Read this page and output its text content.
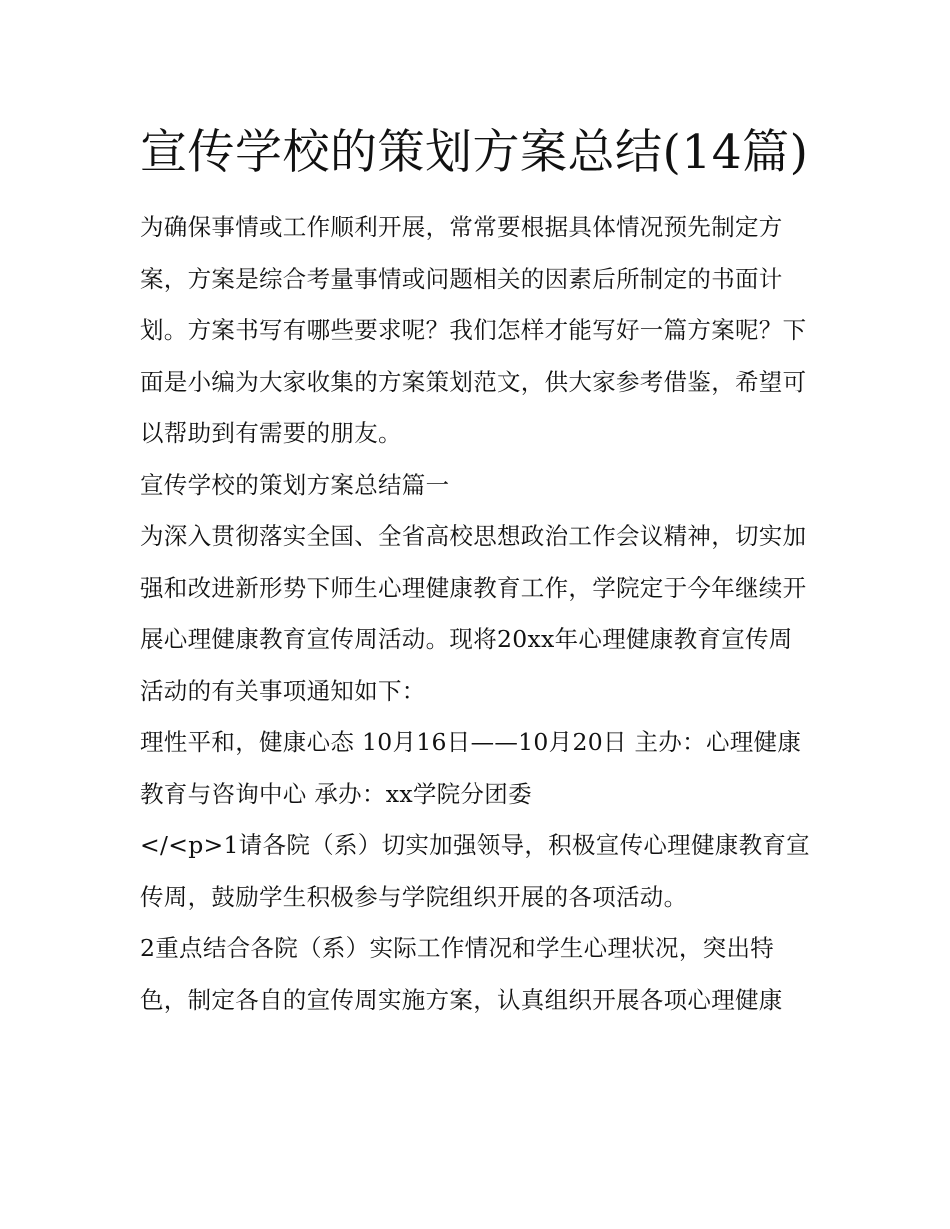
宣传学校的策划方案总结(14篇)

为确保事情或工作顺利开展，常常要根据具体情况预先制定方案，方案是综合考量事情或问题相关的因素后所制定的书面计划。方案书写有哪些要求呢？我们怎样才能写好一篇方案呢？下面是小编为大家收集的方案策划范文，供大家参考借鉴，希望可以帮助到有需要的朋友。

宣传学校的策划方案总结篇一

为深入贯彻落实全国、全省高校思想政治工作会议精神，切实加强和改进新形势下师生心理健康教育工作，学院定于今年继续开展心理健康教育宣传周活动。现将20xx年心理健康教育宣传周活动的有关事项通知如下：

理性平和，健康心态 10月16日——10月20日 主办：心理健康教育与咨询中心 承办：xx学院分团委

</<p>1请各院（系）切实加强领导，积极宣传心理健康教育宣传周，鼓励学生积极参与学院组织开展的各项活动。

2重点结合各院（系）实际工作情况和学生心理状况，突出特色，制定各自的宣传周实施方案，认真组织开展各项心理健康
